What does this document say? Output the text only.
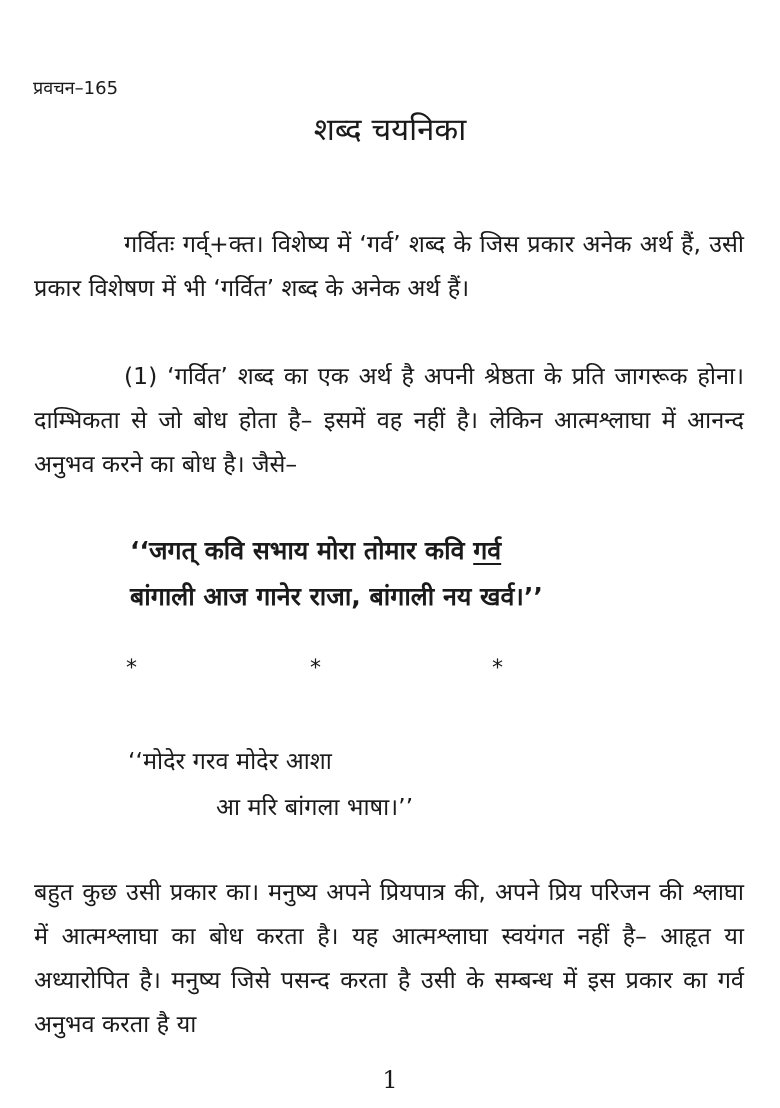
प्रवचन–165
शब्द चयनिका

गर्वितः गर्व्+क्त। विशेष्य में ‘गर्व’ शब्द के जिस प्रकार अनेक अर्थ हैं, उसी प्रकार विशेषण में भी ‘गर्वित’ शब्द के अनेक अर्थ हैं।

(1) ‘गर्वित’ शब्द का एक अर्थ है अपनी श्रेष्ठता के प्रति जागरूक होना। दाम्भिकता से जो बोध होता है– इसमें वह नहीं है। लेकिन आत्मश्लाघा में आनन्द अनुभव करने का बोध है। जैसे–

‘‘जगत् कवि सभाय मोरा तोमार कवि गर्व
बांगाली आज गानेर राजा, बांगाली नय खर्व।’’
*	*	*
‘‘मोदेर गरव मोदेर आशा
आ मरि बांगला भाषा।’’

बहुत कुछ उसी प्रकार का। मनुष्य अपने प्रियपात्र की, अपने प्रिय परिजन की श्लाघा में आत्मश्लाघा का बोध करता है। यह आत्मश्लाघा स्वयंगत नहीं है– आहृत या अध्यारोपित है। मनुष्य जिसे पसन्द करता है उसी के सम्बन्ध में इस प्रकार का गर्व अनुभव करता है या

1
